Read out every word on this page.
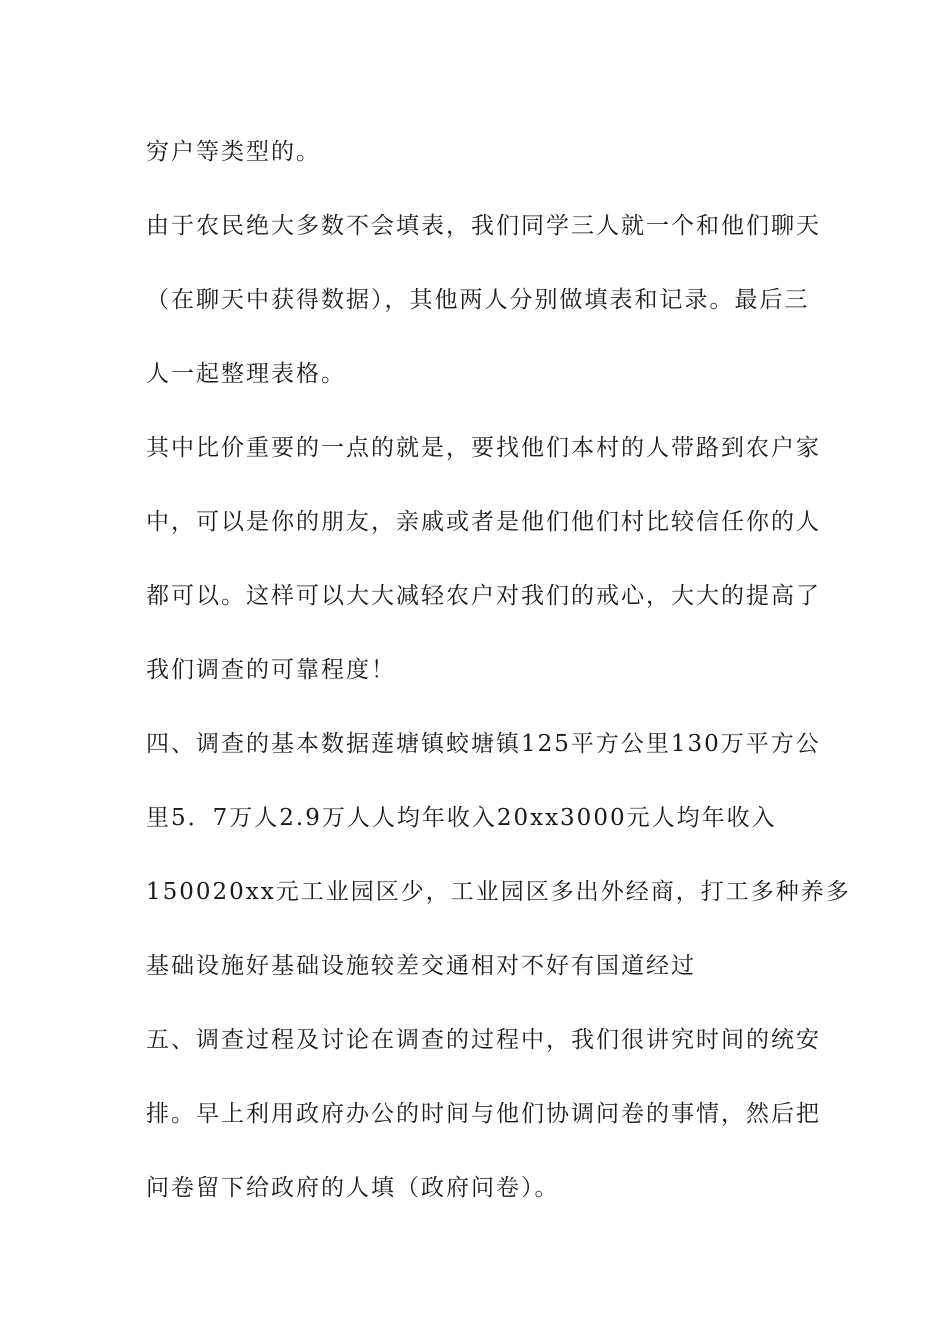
穷户等类型的。
由于农民绝大多数不会填表，我们同学三人就一个和他们聊天
（在聊天中获得数据），其他两人分别做填表和记录。最后三
人一起整理表格。
其中比价重要的一点的就是，要找他们本村的人带路到农户家
中，可以是你的朋友，亲戚或者是他们他们村比较信任你的人
都可以。这样可以大大减轻农户对我们的戒心，大大的提高了
我们调查的可靠程度！
四、调查的基本数据莲塘镇蛟塘镇125平方公里130万平方公
里5．7万人2.9万人人均年收入20xx3000元人均年收入
150020xx元工业园区少，工业园区多出外经商，打工多种养多
基础设施好基础设施较差交通相对不好有国道经过
五、调查过程及讨论在调查的过程中，我们很讲究时间的统安
排。早上利用政府办公的时间与他们协调问卷的事情，然后把
问卷留下给政府的人填（政府问卷）。
